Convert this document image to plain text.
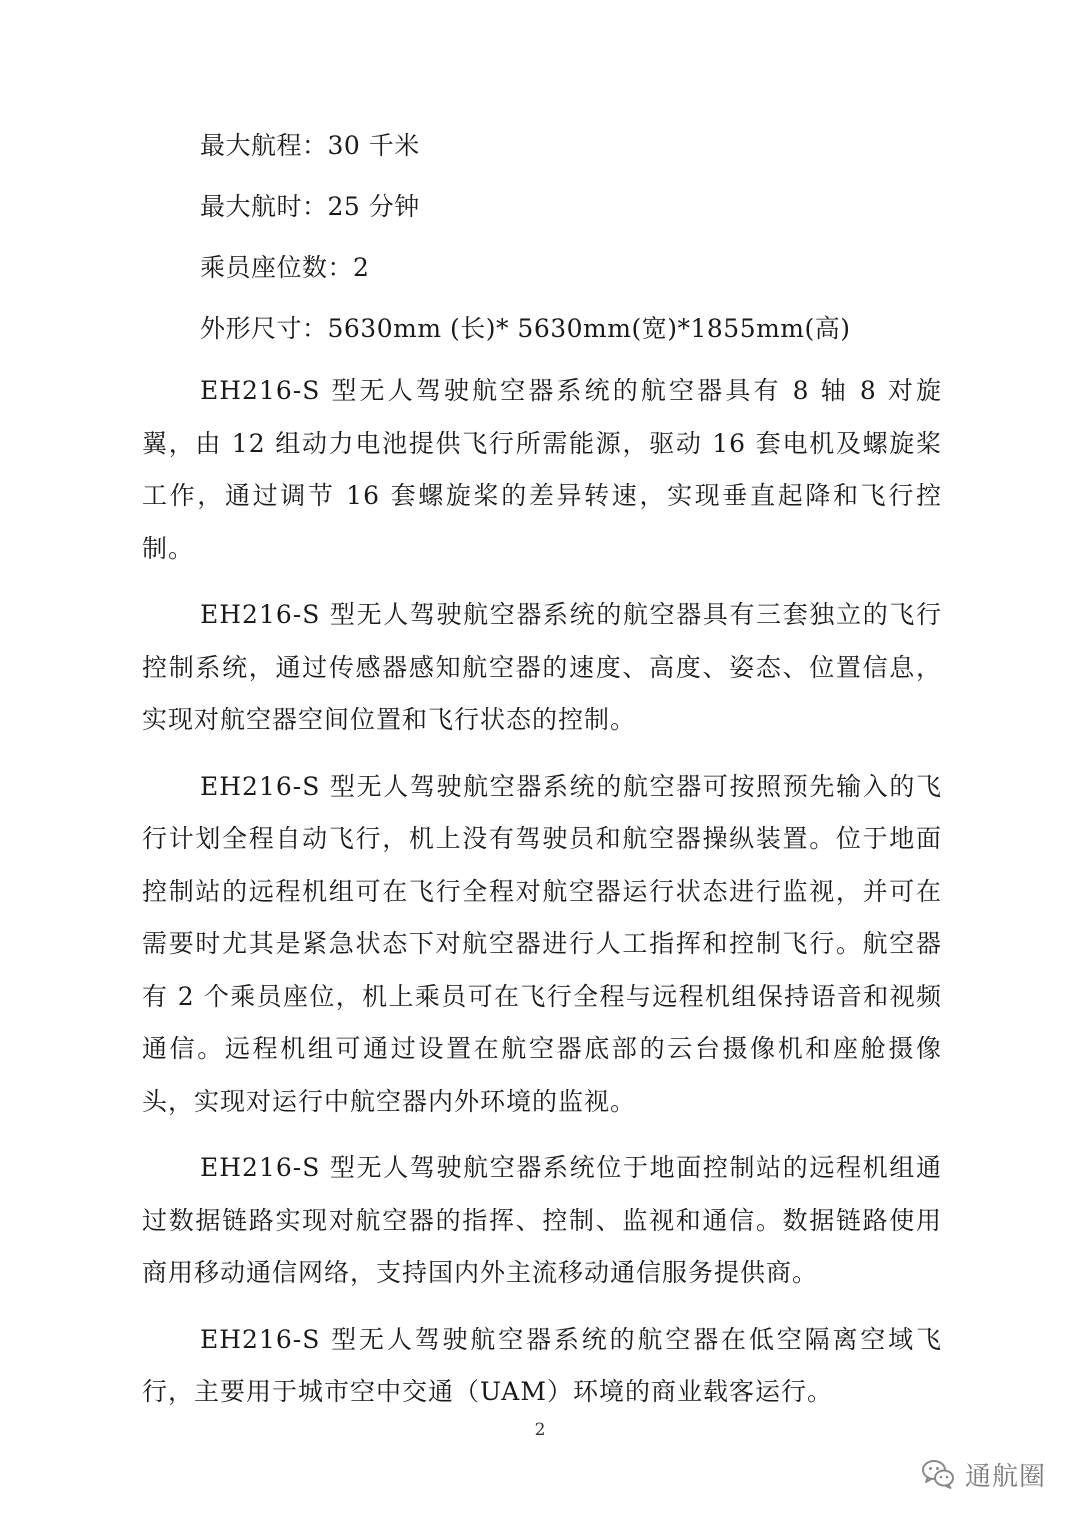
最大航程：30 千米

最大航时：25 分钟

乘员座位数：2

外形尺寸：5630mm (长)* 5630mm(宽)*1855mm(高)

EH216-S 型无人驾驶航空器系统的航空器具有 8 轴 8 对旋翼，由 12 组动力电池提供飞行所需能源，驱动 16 套电机及螺旋桨工作，通过调节 16 套螺旋桨的差异转速，实现垂直起降和飞行控制。

EH216-S 型无人驾驶航空器系统的航空器具有三套独立的飞行控制系统，通过传感器感知航空器的速度、高度、姿态、位置信息，实现对航空器空间位置和飞行状态的控制。

EH216-S 型无人驾驶航空器系统的航空器可按照预先输入的飞行计划全程自动飞行，机上没有驾驶员和航空器操纵装置。位于地面控制站的远程机组可在飞行全程对航空器运行状态进行监视，并可在需要时尤其是紧急状态下对航空器进行人工指挥和控制飞行。航空器有 2 个乘员座位，机上乘员可在飞行全程与远程机组保持语音和视频通信。远程机组可通过设置在航空器底部的云台摄像机和座舱摄像头，实现对运行中航空器内外环境的监视。

EH216-S 型无人驾驶航空器系统位于地面控制站的远程机组通过数据链路实现对航空器的指挥、控制、监视和通信。数据链路使用商用移动通信网络，支持国内外主流移动通信服务提供商。

EH216-S 型无人驾驶航空器系统的航空器在低空隔离空域飞行，主要用于城市空中交通（UAM）环境的商业载客运行。

2
通航圈
